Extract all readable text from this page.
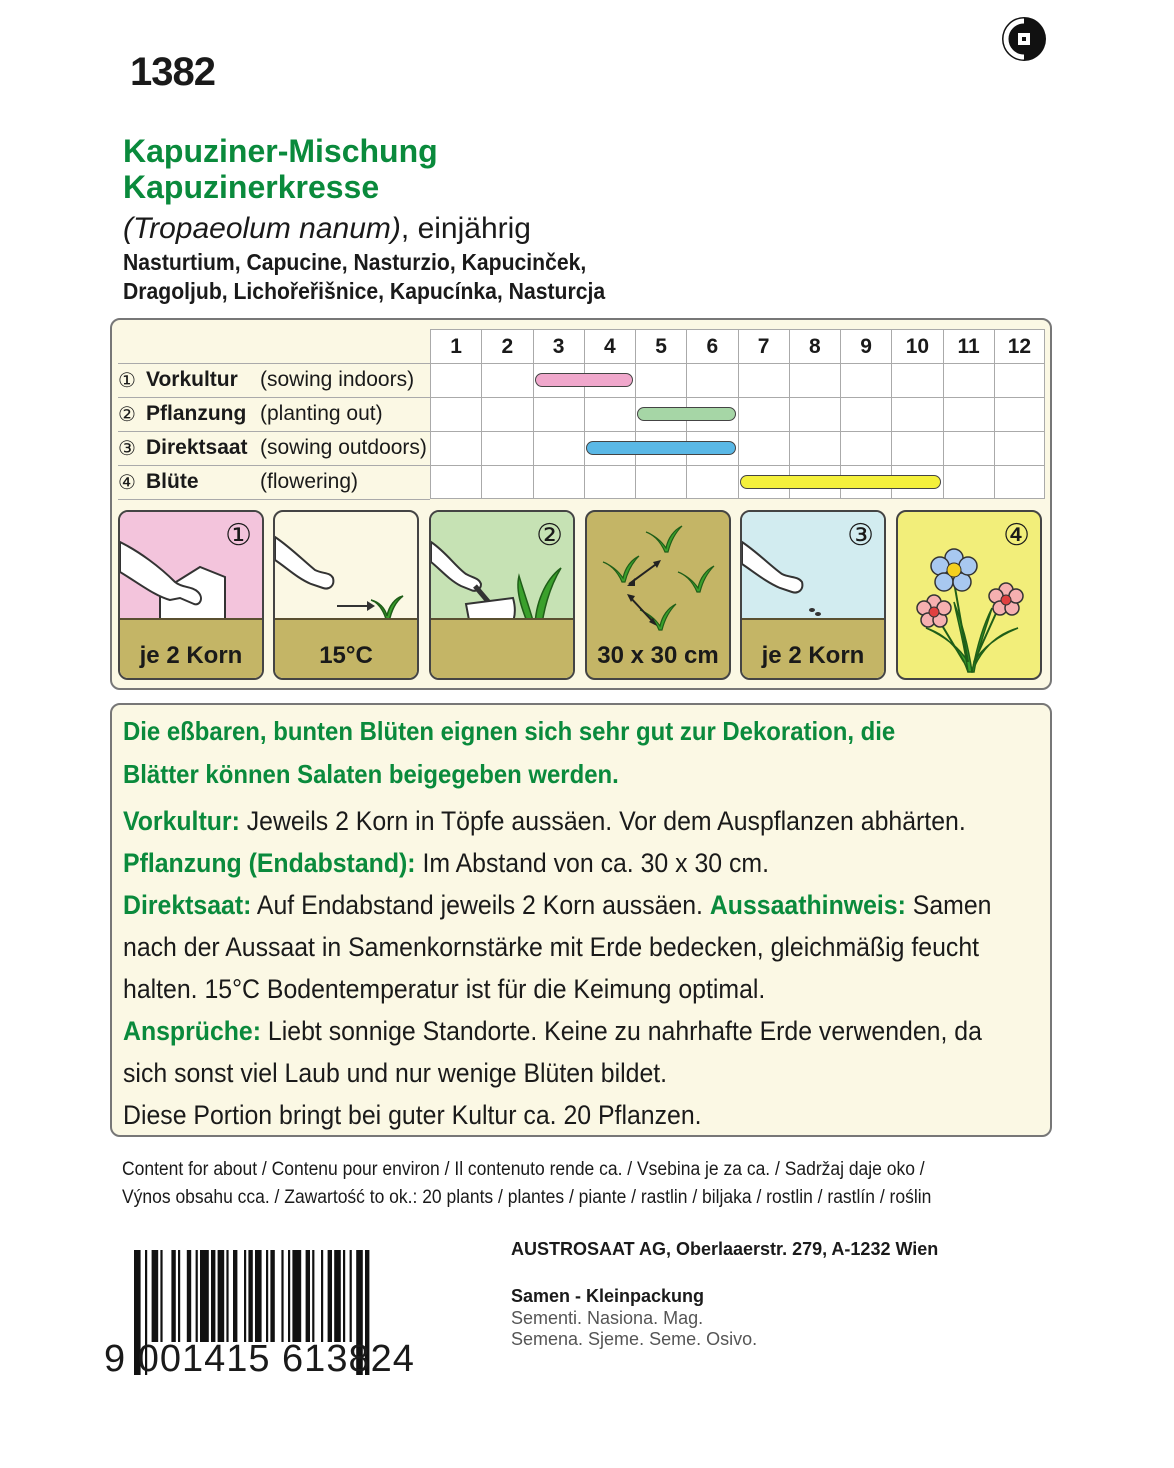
1382
Kapuziner-Mischung
Kapuzinerkresse
(Tropaeolum nanum), einjährig
Nasturtium, Capucine, Nasturzio, Kapucinček,
Dragoljub, Lichořeřišnice, Kapucínka, Nasturcja
1	2	3	4	5	6	7	8	9	10	11	12
① Vorkultur	(sowing indoors)
② Pflanzung (planting out)
③ Direktsaat (sowing outdoors)
④ Blüte	(flowering)
①
je 2 Korn	15°C
②
30 x 30 cm
③
je 2 Korn
④
Die eßbaren, bunten Blüten eignen sich sehr gut zur Dekoration, die Blätter können Salaten beigegeben werden.
Vorkultur: Jeweils 2 Korn in Töpfe aussäen. Vor dem Auspflanzen abhärten.
Pflanzung (Endabstand): Im Abstand von ca. 30 x 30 cm.
Direktsaat: Auf Endabstand jeweils 2 Korn aussäen. Aussaathinweis: Samen nach der Aussaat in Samenkornstärke mit Erde bedecken, gleichmäßig feucht halten. 15°C Bodentemperatur ist für die Keimung optimal.
Ansprüche: Liebt sonnige Standorte. Keine zu nahrhafte Erde verwenden, da sich sonst viel Laub und nur wenige Blüten bildet.
Diese Portion bringt bei guter Kultur ca. 20 Pflanzen.
Content for about / Contenu pour environ / Il contenuto rende ca. / Vsebina je za ca. / Sadržaj daje oko /
Výnos obsahu cca. / Zawartość to ok.: 20 plants / plantes / piante / rastlin / biljaka / rostlin / rastlín / roślin
9 001415 613824
AUSTROSAAT AG, Oberlaaerstr. 279, A-1232 Wien
Samen - Kleinpackung
Sementi. Nasiona. Mag.
Semena. Sjeme. Seme. Osivo.
